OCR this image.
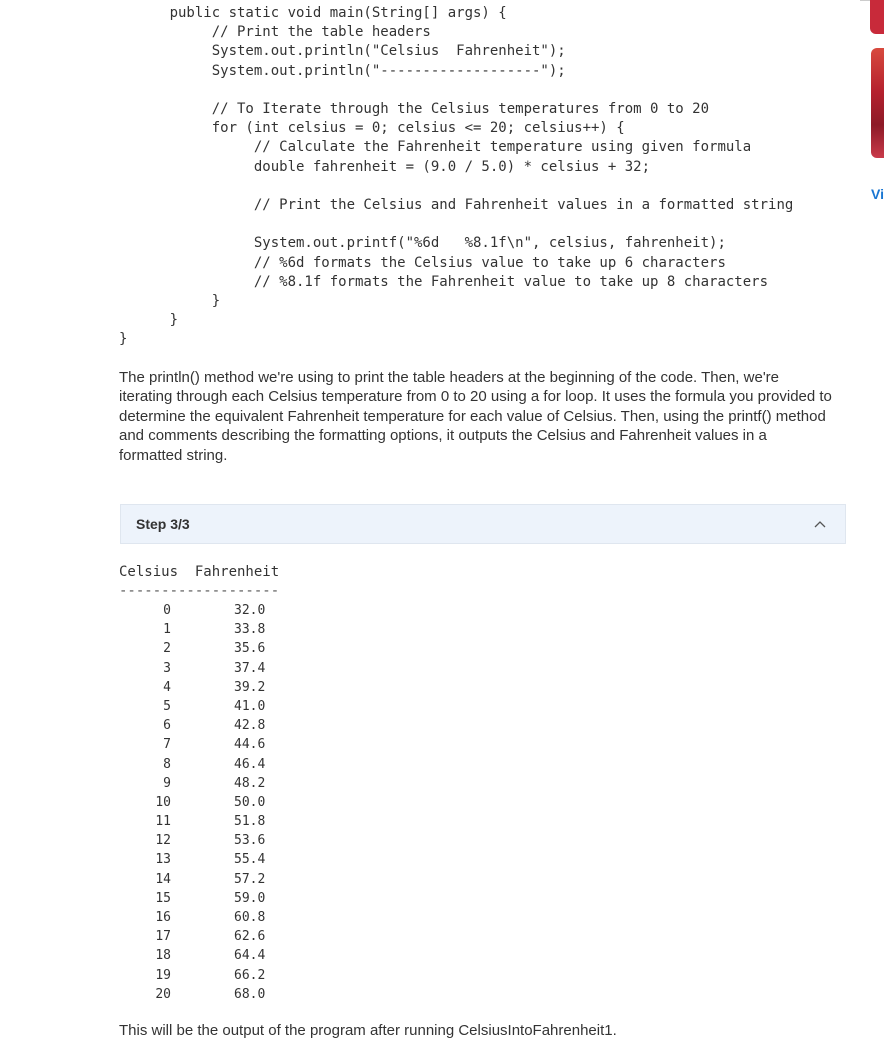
public static void main(String[] args) {
// Print the table headers
System.out.println("Celsius  Fahrenheit");
System.out.println("-------------------");

// To Iterate through the Celsius temperatures from 0 to 20
for (int celsius = 0; celsius <= 20; celsius++) {
// Calculate the Fahrenheit temperature using given formula
double fahrenheit = (9.0 / 5.0) * celsius + 32;

// Print the Celsius and Fahrenheit values in a formatted string

System.out.printf("%6d   %8.1f\n", celsius, fahrenheit);
// %6d formats the Celsius value to take up 6 characters
// %8.1f formats the Fahrenheit value to take up 8 characters
}
}
}

The println() method we're using to print the table headers at the beginning of the code. Then, we're iterating through each Celsius temperature from 0 to 20 using a for loop. It uses the formula you provided to determine the equivalent Fahrenheit temperature for each value of Celsius. Then, using the printf() method and comments describing the formatting options, it outputs the Celsius and Fahrenheit values in a formatted string.

Step 3/3
Celsius  Fahrenheit
-------------------
0	32.0
1	33.8
2	35.6
3	37.4
4	39.2
5	41.0
6	42.8
7	44.6
8	46.4
9	48.2
10	50.0
11	51.8
12	53.6
13	55.4
14	57.2
15	59.0
16	60.8
17	62.6
18	64.4
19	66.2
20	68.0

This will be the output of the program after running CelsiusIntoFahrenheit1.

Vi
